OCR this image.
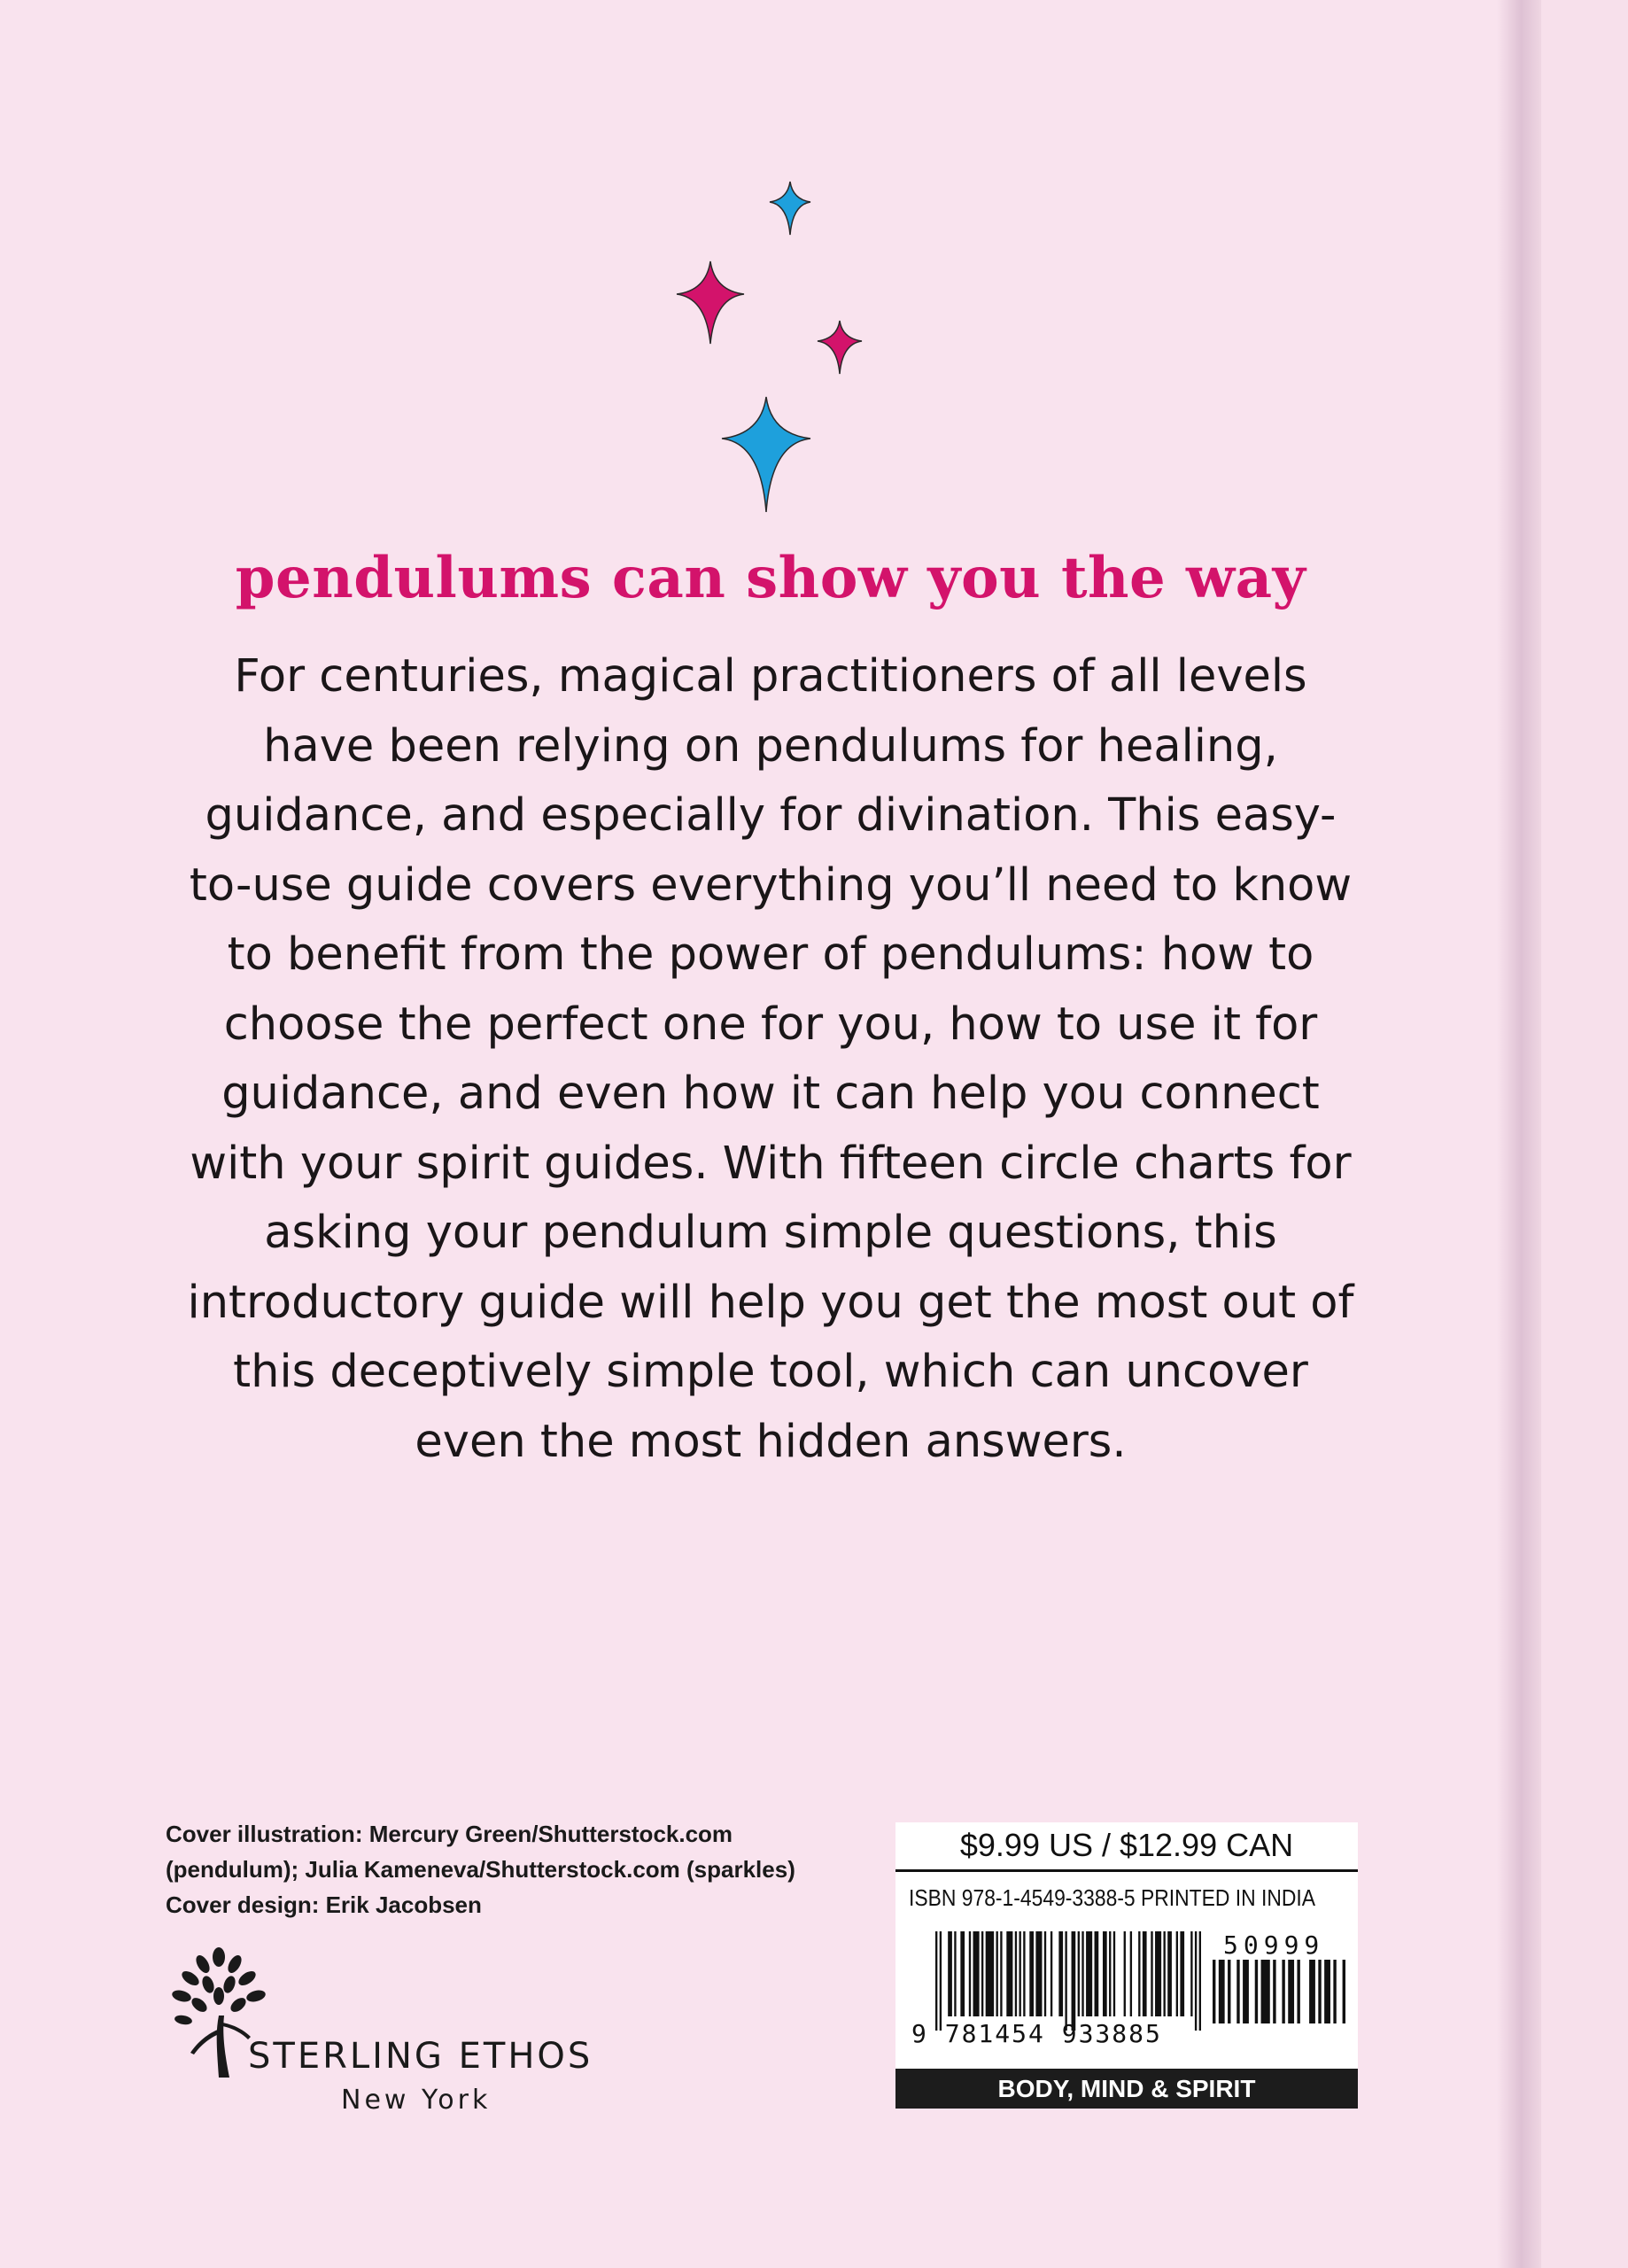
pendulums can show you the way

For centuries, magical practitioners of all levels have been relying on pendulums for healing, guidance, and especially for divination. This easy-to-use guide covers everything you’ll need to know to benefit from the power of pendulums: how to choose the perfect one for you, how to use it for guidance, and even how it can help you connect with your spirit guides. With fifteen circle charts for asking your pendulum simple questions, this introductory guide will help you get the most out of this deceptively simple tool, which can uncover even the most hidden answers.

Cover illustration: Mercury Green/Shutterstock.com
(pendulum); Julia Kameneva/Shutterstock.com (sparkles)
Cover design: Erik Jacobsen
STERLING ETHOS
New York
$9.99 US / $12.99 CAN
ISBN 978-1-4549-3388-5 PRINTED IN INDIA
9 781454 933885
50999
BODY, MIND & SPIRIT
